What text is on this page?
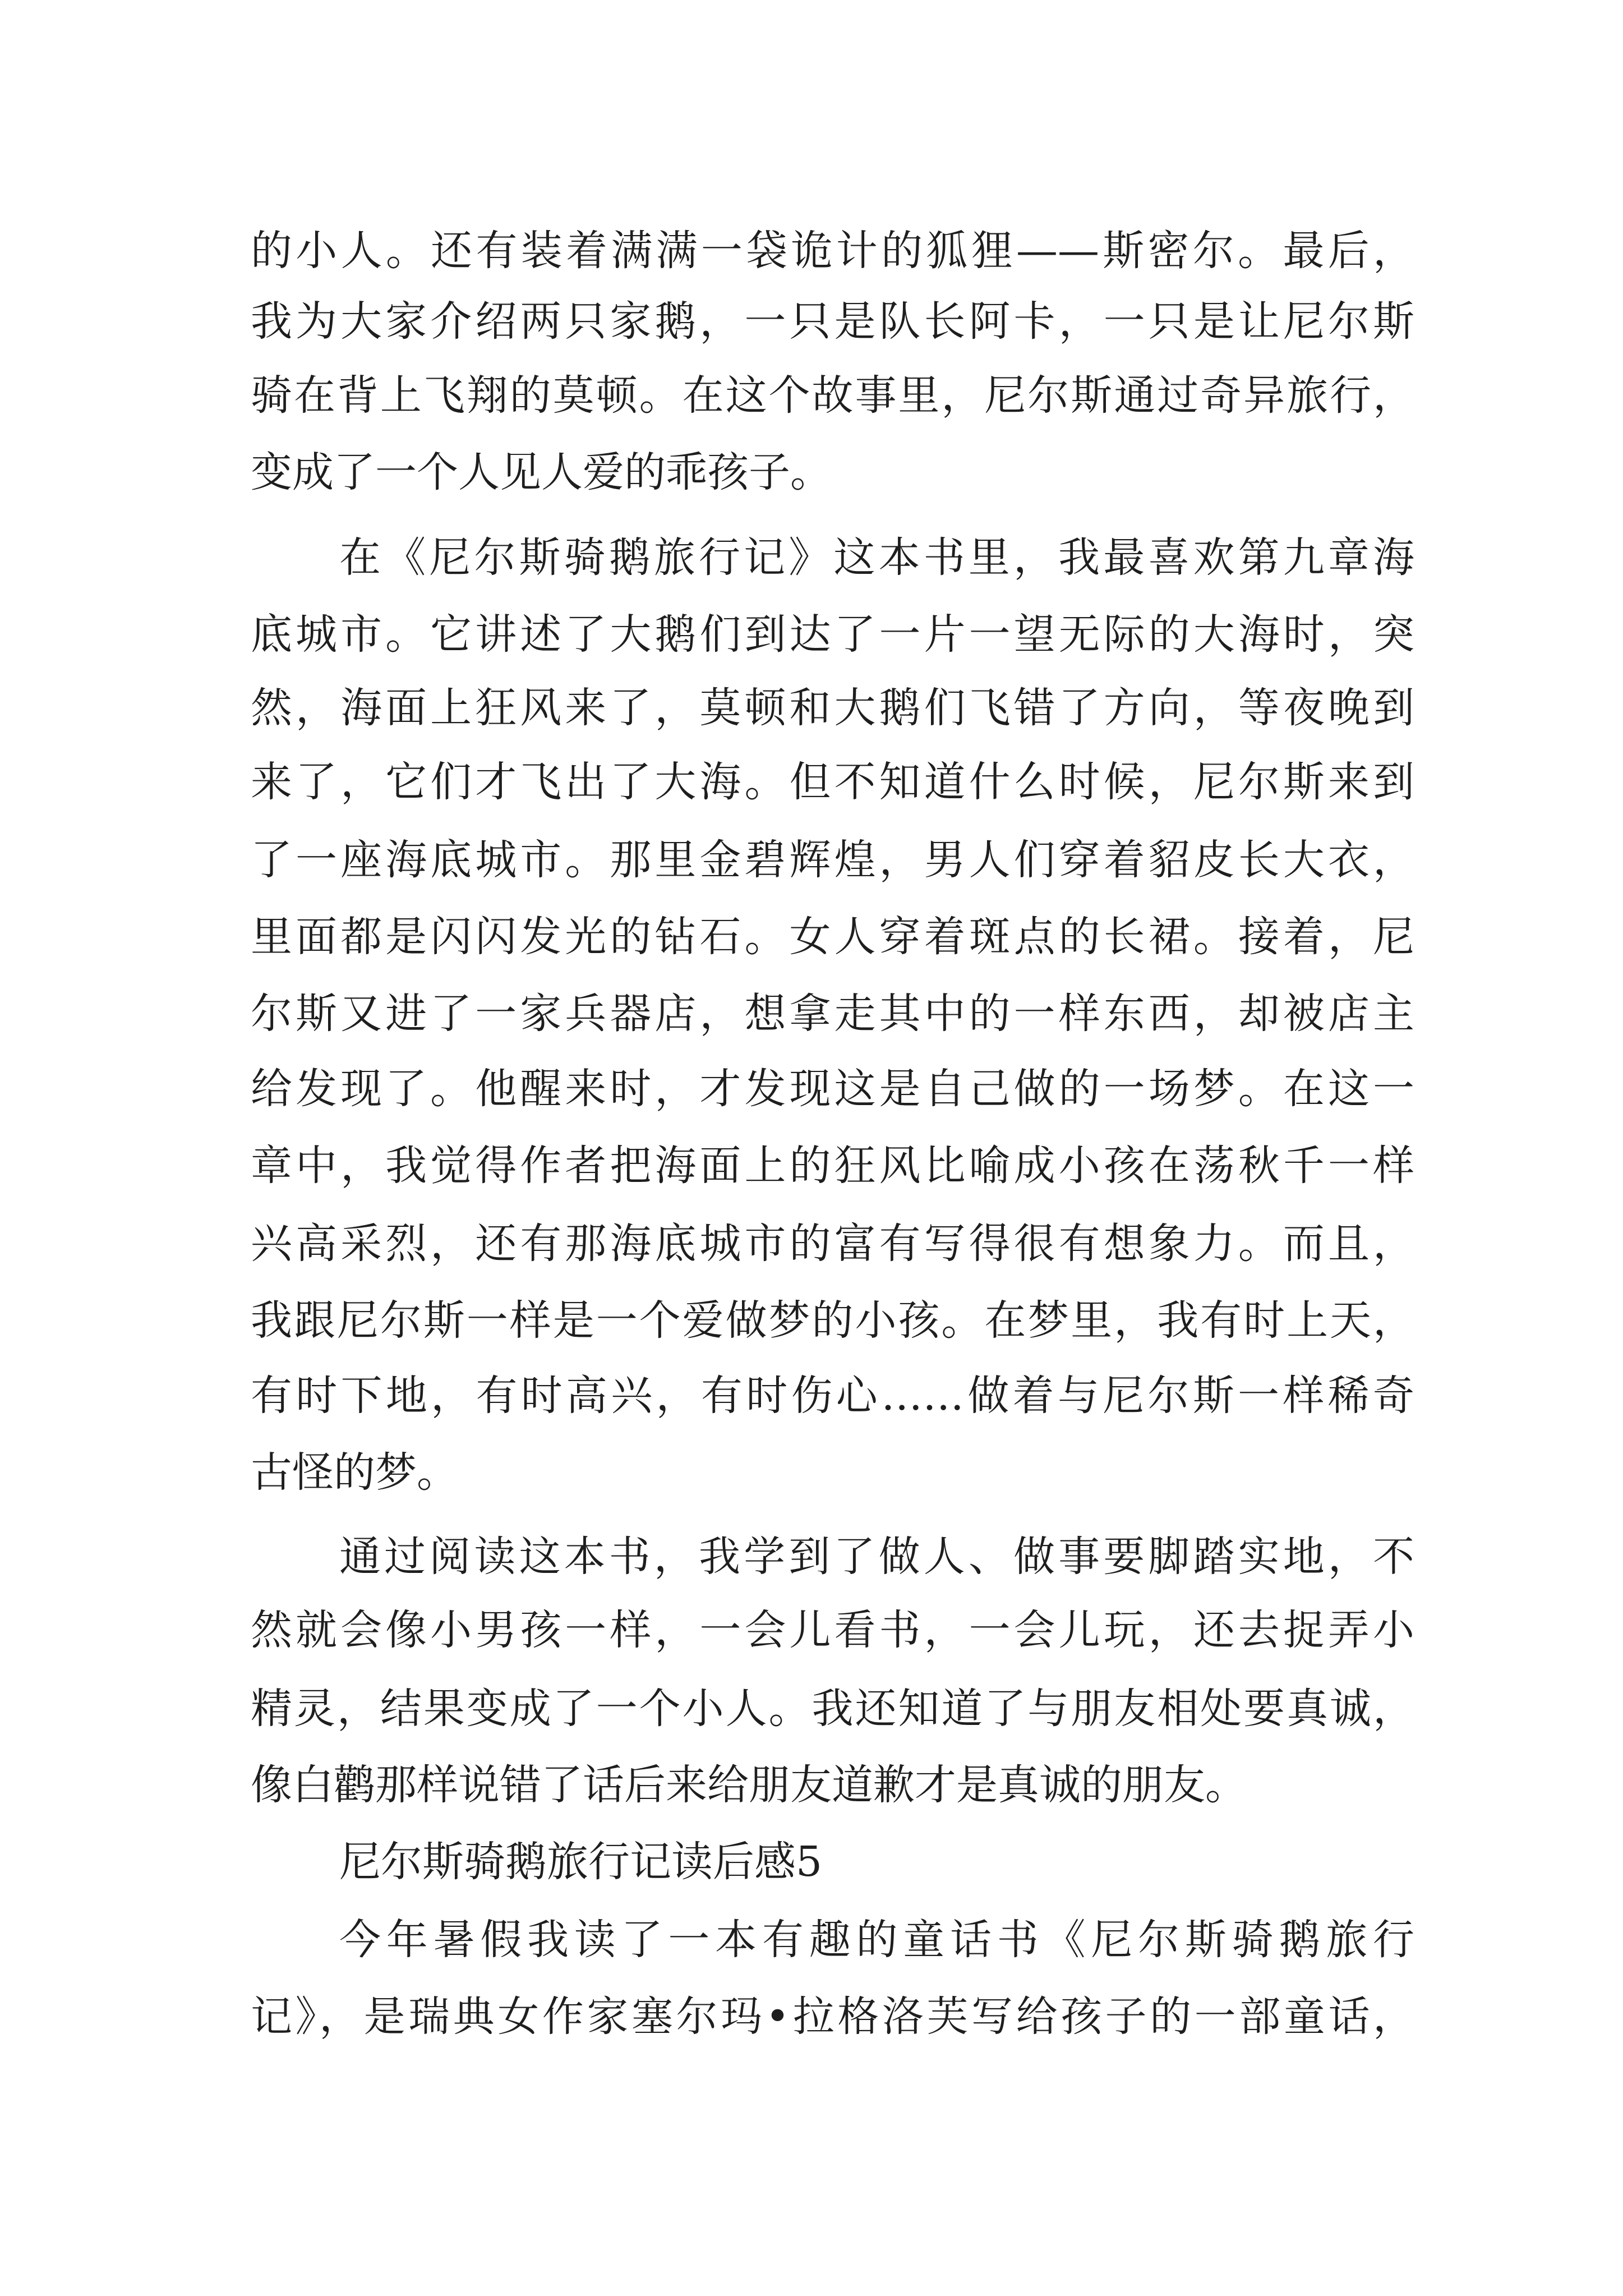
的小人。还有装着满满一袋诡计的狐狸——斯密尔。最后，
我为大家介绍两只家鹅，一只是队长阿卡，一只是让尼尔斯
骑在背上飞翔的莫顿。在这个故事里，尼尔斯通过奇异旅行，
变成了一个人见人爱的乖孩子。
在《尼尔斯骑鹅旅行记》这本书里，我最喜欢第九章海
底城市。它讲述了大鹅们到达了一片一望无际的大海时，突
然，海面上狂风来了，莫顿和大鹅们飞错了方向，等夜晚到
来了，它们才飞出了大海。但不知道什么时候，尼尔斯来到
了一座海底城市。那里金碧辉煌，男人们穿着貂皮长大衣，
里面都是闪闪发光的钻石。女人穿着斑点的长裙。接着，尼
尔斯又进了一家兵器店，想拿走其中的一样东西，却被店主
给发现了。他醒来时，才发现这是自己做的一场梦。在这一
章中，我觉得作者把海面上的狂风比喻成小孩在荡秋千一样
兴高采烈，还有那海底城市的富有写得很有想象力。而且，
我跟尼尔斯一样是一个爱做梦的小孩。在梦里，我有时上天，
有时下地，有时高兴，有时伤心……做着与尼尔斯一样稀奇
古怪的梦。
通过阅读这本书，我学到了做人、做事要脚踏实地，不
然就会像小男孩一样，一会儿看书，一会儿玩，还去捉弄小
精灵，结果变成了一个小人。我还知道了与朋友相处要真诚，
像白鹳那样说错了话后来给朋友道歉才是真诚的朋友。
尼尔斯骑鹅旅行记读后感5
今年暑假我读了一本有趣的童话书《尼尔斯骑鹅旅行
记》，是瑞典女作家塞尔玛•拉格洛芙写给孩子的一部童话，
